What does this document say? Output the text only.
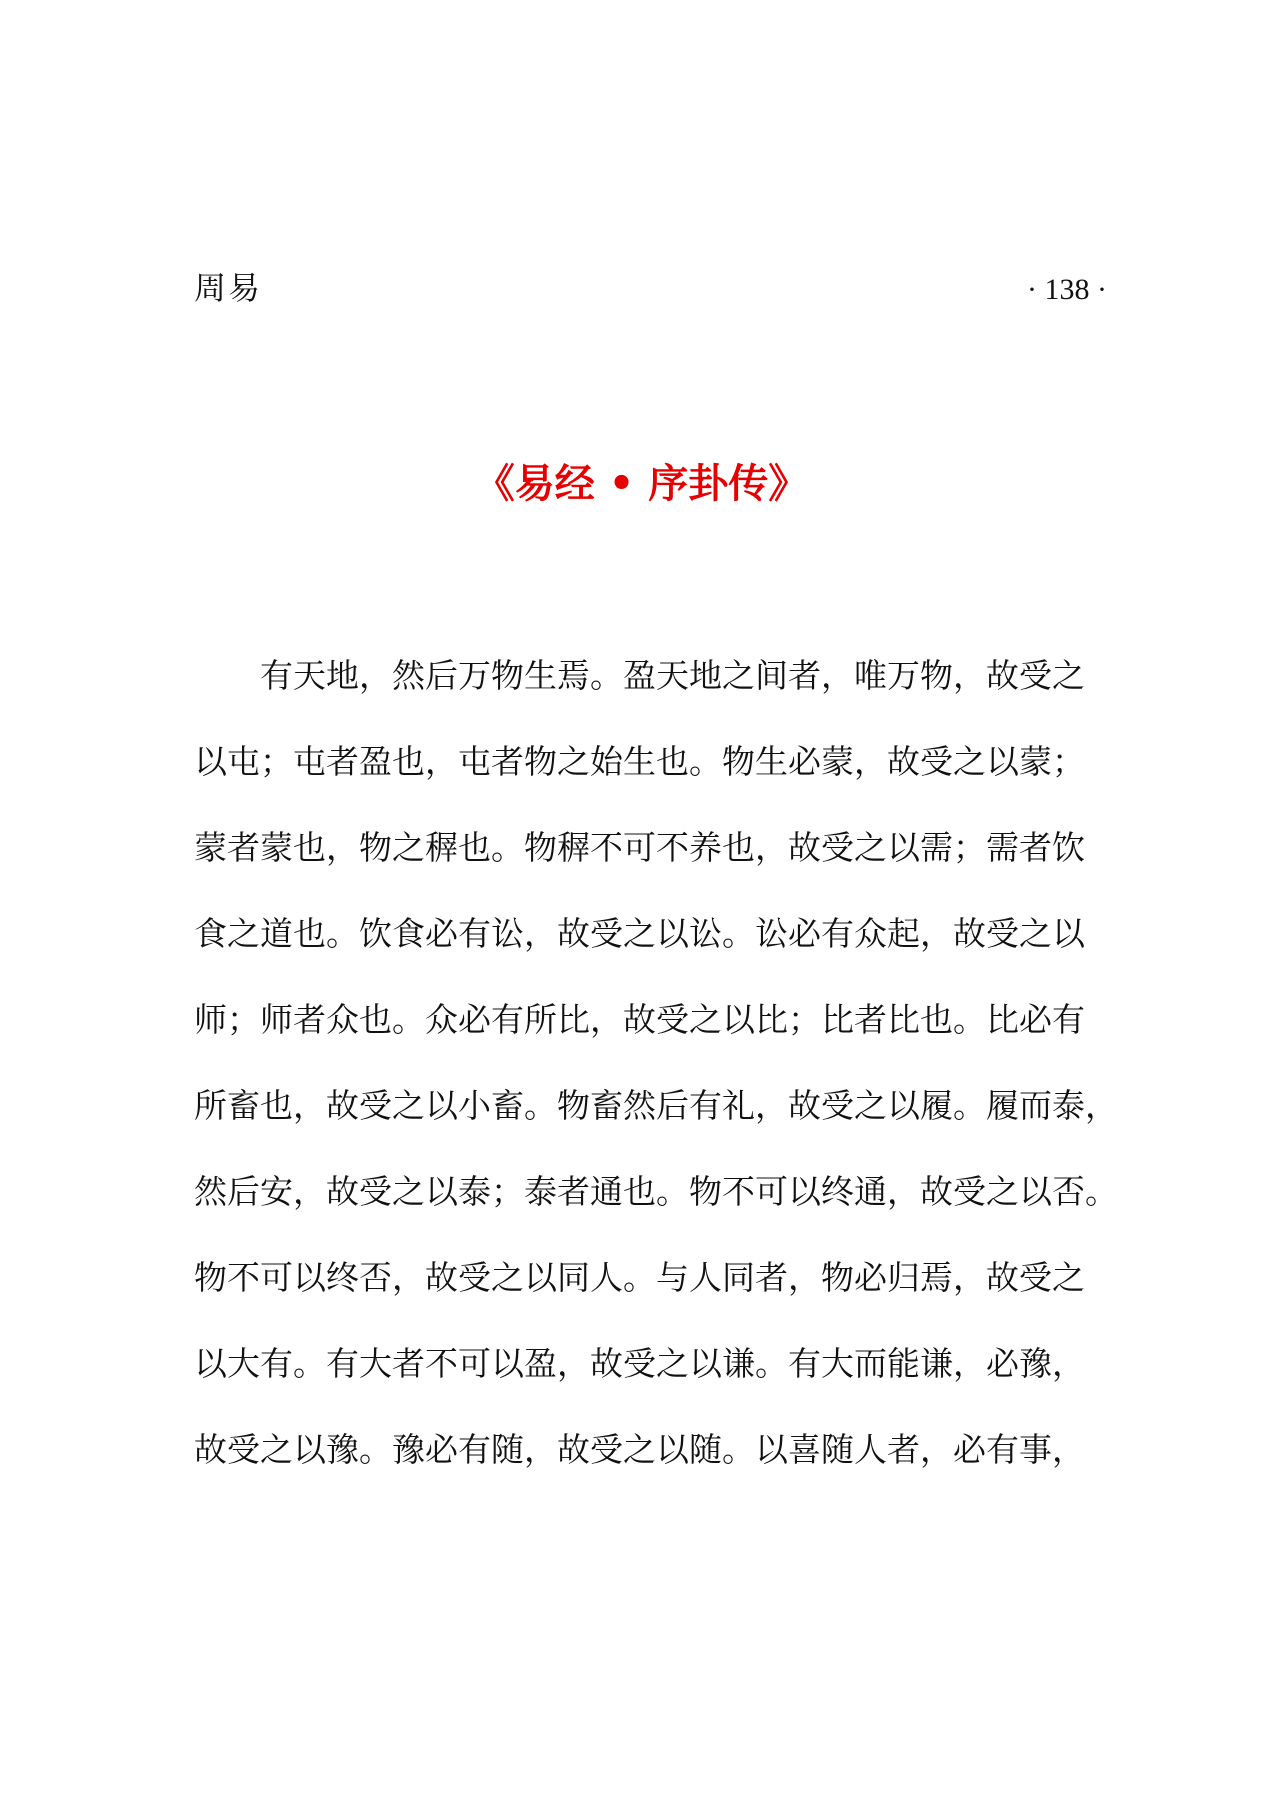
周易	· 138 ·
《易经 • 序卦传》
有天地，然后万物生焉。盈天地之间者，唯万物，故受之
以屯；屯者盈也，屯者物之始生也。物生必蒙，故受之以蒙；
蒙者蒙也，物之稺也。物稺不可不养也，故受之以需；需者饮
食之道也。饮食必有讼，故受之以讼。讼必有众起，故受之以
师；师者众也。众必有所比，故受之以比；比者比也。比必有
所畜也，故受之以小畜。物畜然后有礼，故受之以履。履而泰，
然后安，故受之以泰；泰者通也。物不可以终通，故受之以否。
物不可以终否，故受之以同人。与人同者，物必归焉，故受之
以大有。有大者不可以盈，故受之以谦。有大而能谦，必豫，
故受之以豫。豫必有随，故受之以随。以喜随人者，必有事，
